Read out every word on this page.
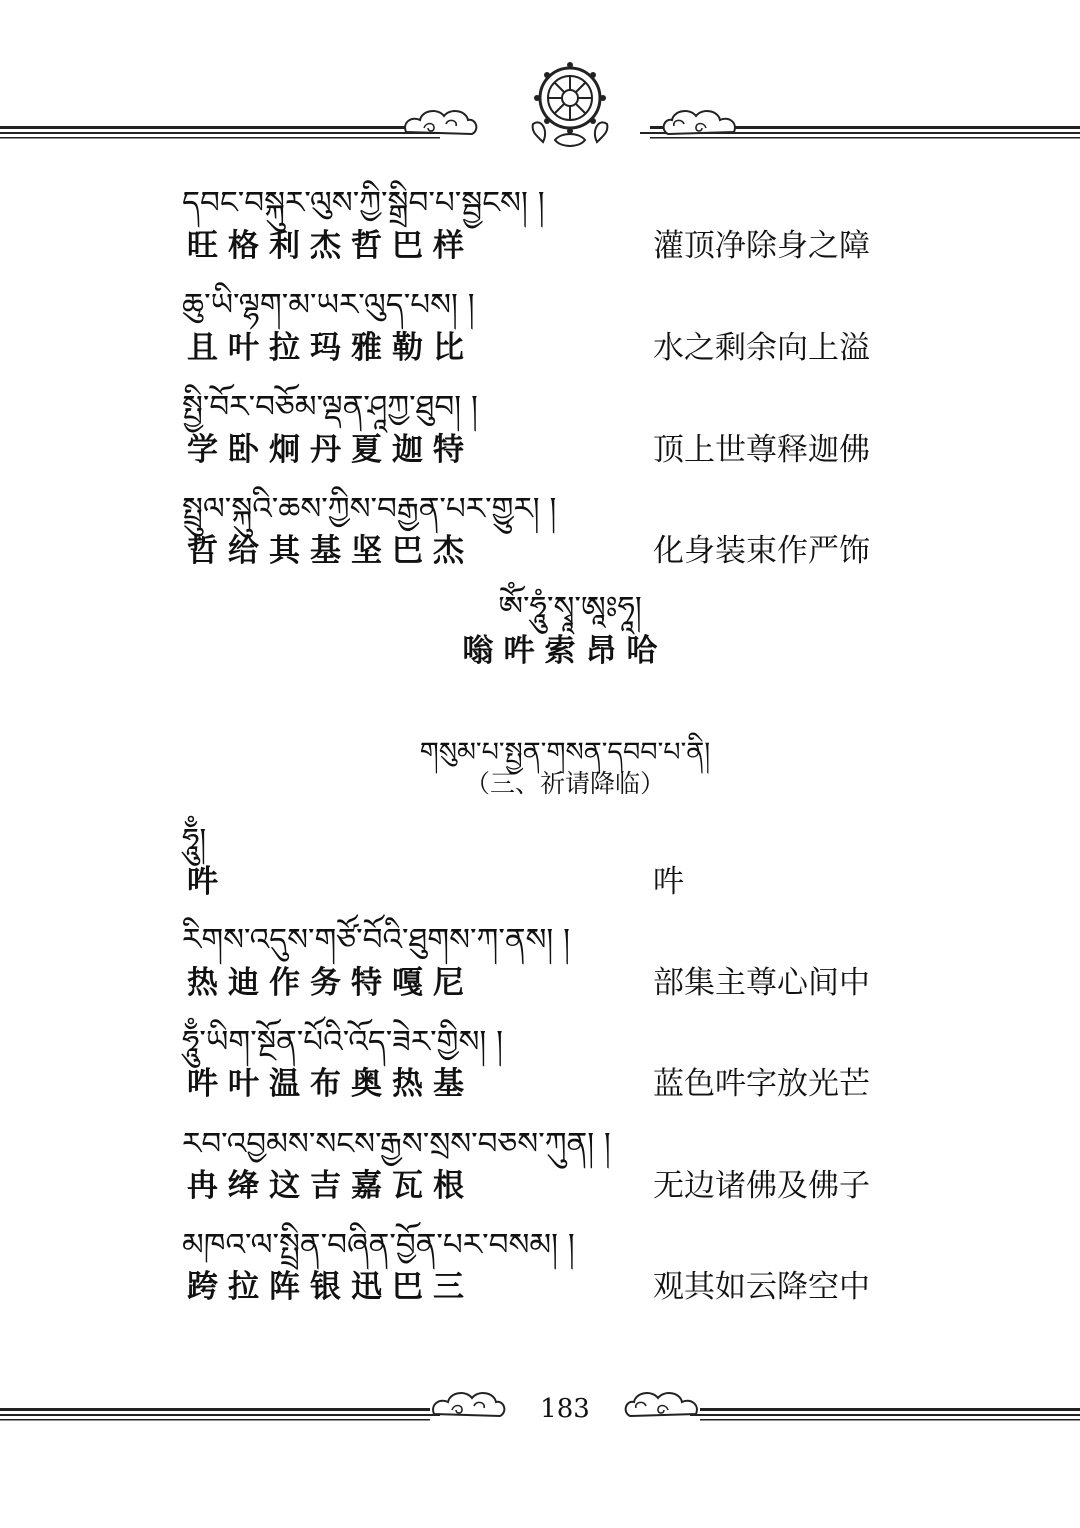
དབང་བསྐུར་ལུས་ཀྱི་སྒྲིབ་པ་སྦྱངས། །
旺格利杰哲巴样	灌顶净除身之障
ཆུ་ཡི་ལྷག་མ་ཡར་ལུད་པས། །
且叶拉玛雅勒比	水之剩余向上溢
སྤྱི་བོར་བཅོམ་ལྡན་ཤཱཀྱ་ཐུབ། །
学卧炯丹夏迦特	顶上世尊释迦佛
སྤྲུལ་སྐུའི་ཆས་ཀྱིས་བརྒྱན་པར་གྱུར། །
哲给其基坚巴杰	化身装束作严饰
ཨོཾ་ཧཱུཾ་སྭཱ་ཨཱཿཧཱ།
嗡吽索昂哈
གསུམ་པ་སྤྱན་གསན་དབབ་པ་ནི།
（三、祈请降临）
ཧཱུྃ།
吽	吽
རིགས་འདུས་གཙོ་བོའི་ཐུགས་ཀ་ནས། །
热迪作务特嘎尼	部集主尊心间中
ཧཱུྃ་ཡིག་སྔོན་པོའི་འོད་ཟེར་གྱིས། །
吽叶温布奥热基	蓝色吽字放光芒
རབ་འབྱམས་སངས་རྒྱས་སྲས་བཅས་ཀུན། །
冉绛这吉嘉瓦根	无边诸佛及佛子
མཁའ་ལ་སྤྲིན་བཞིན་བྱོན་པར་བསམ། །
跨拉阵银迅巴三	观其如云降空中
183
